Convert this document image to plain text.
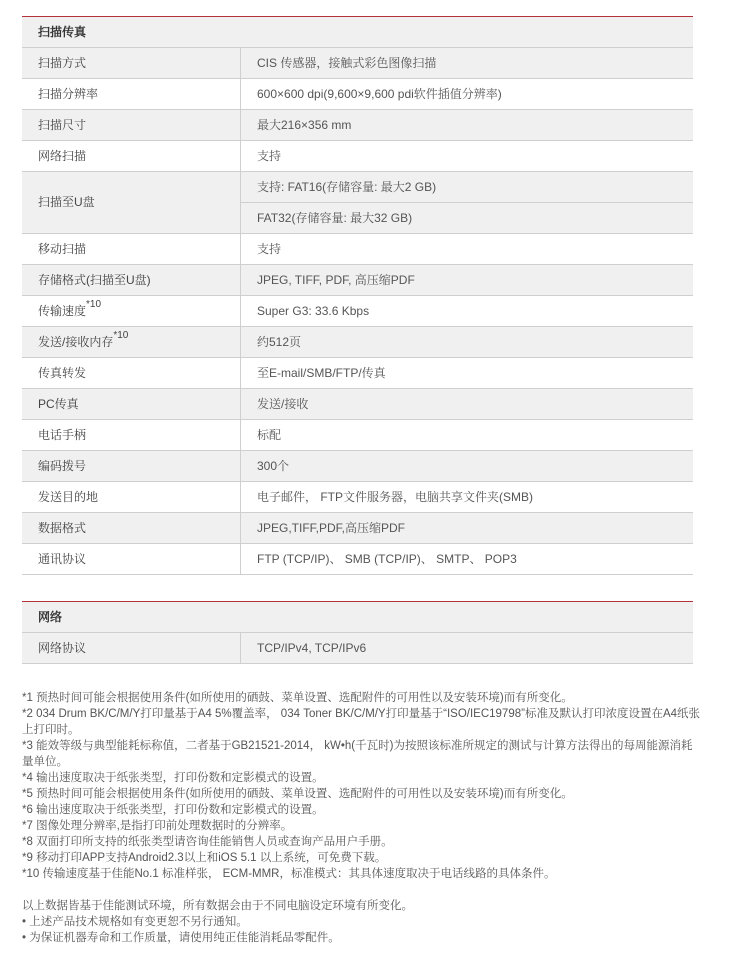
扫描传真
扫描方式	CIS 传感器，接触式彩色图像扫描
扫描分辨率	600×600 dpi(9,600×9,600 pdi软件插值分辨率)
扫描尺寸	最大216×356 mm
网络扫描	支持
扫描至U盘
支持: FAT16(存储容量: 最大2 GB)
FAT32(存储容量: 最大32 GB)
移动扫描	支持
存储格式(扫描至U盘)	JPEG, TIFF, PDF, 高压缩PDF
传输速度$^{*10}$	Super G3: 33.6 Kbps
发送/接收内存$^{*10}$	约512页
传真转发	至E-mail/SMB/FTP/传真
PC传真	发送/接收
电话手柄	标配
编码拨号	300个
发送目的地	电子邮件， FTP文件服务器，电脑共享文件夹(SMB)
数据格式	JPEG,TIFF,PDF,高压缩PDF
通讯协议	FTP (TCP/IP)、 SMB (TCP/IP)、 SMTP、 POP3
网络
网络协议	TCP/IPv4, TCP/IPv6

*1 预热时间可能会根据使用条件(如所使用的硒鼓、菜单设置、选配附件的可用性以及安装环境)而有所变化。

*2 034 Drum BK/C/M/Y打印量基于A4 5%覆盖率， 034 Toner BK/C/M/Y打印量基于“ISO/IEC19798”标准及默认打印浓度设置在A4纸张上打印时。

*3 能效等级与典型能耗标称值，二者基于GB21521-2014， kW•h(千瓦时)为按照该标准所规定的测试与计算方法得出的每周能源消耗量单位。

*4 输出速度取决于纸张类型，打印份数和定影模式的设置。

*5 预热时间可能会根据使用条件(如所使用的硒鼓、菜单设置、选配附件的可用性以及安装环境)而有所变化。

*6 输出速度取决于纸张类型，打印份数和定影模式的设置。

*7 图像处理分辨率,是指打印前处理数据时的分辨率。

*8 双面打印所支持的纸张类型请咨询佳能销售人员或查询产品用户手册。

*9 移动打印APP支持Android2.3以上和iOS 5.1 以上系统，可免费下载。

*10 传输速度基于佳能No.1 标准样张， ECM-MMR，标准模式：其具体速度取决于电话线路的具体条件。

以上数据皆基于佳能测试环境，所有数据会由于不同电脑设定环境有所变化。

• 上述产品技术规格如有变更恕不另行通知。

• 为保证机器寿命和工作质量，请使用纯正佳能消耗品零配件。
